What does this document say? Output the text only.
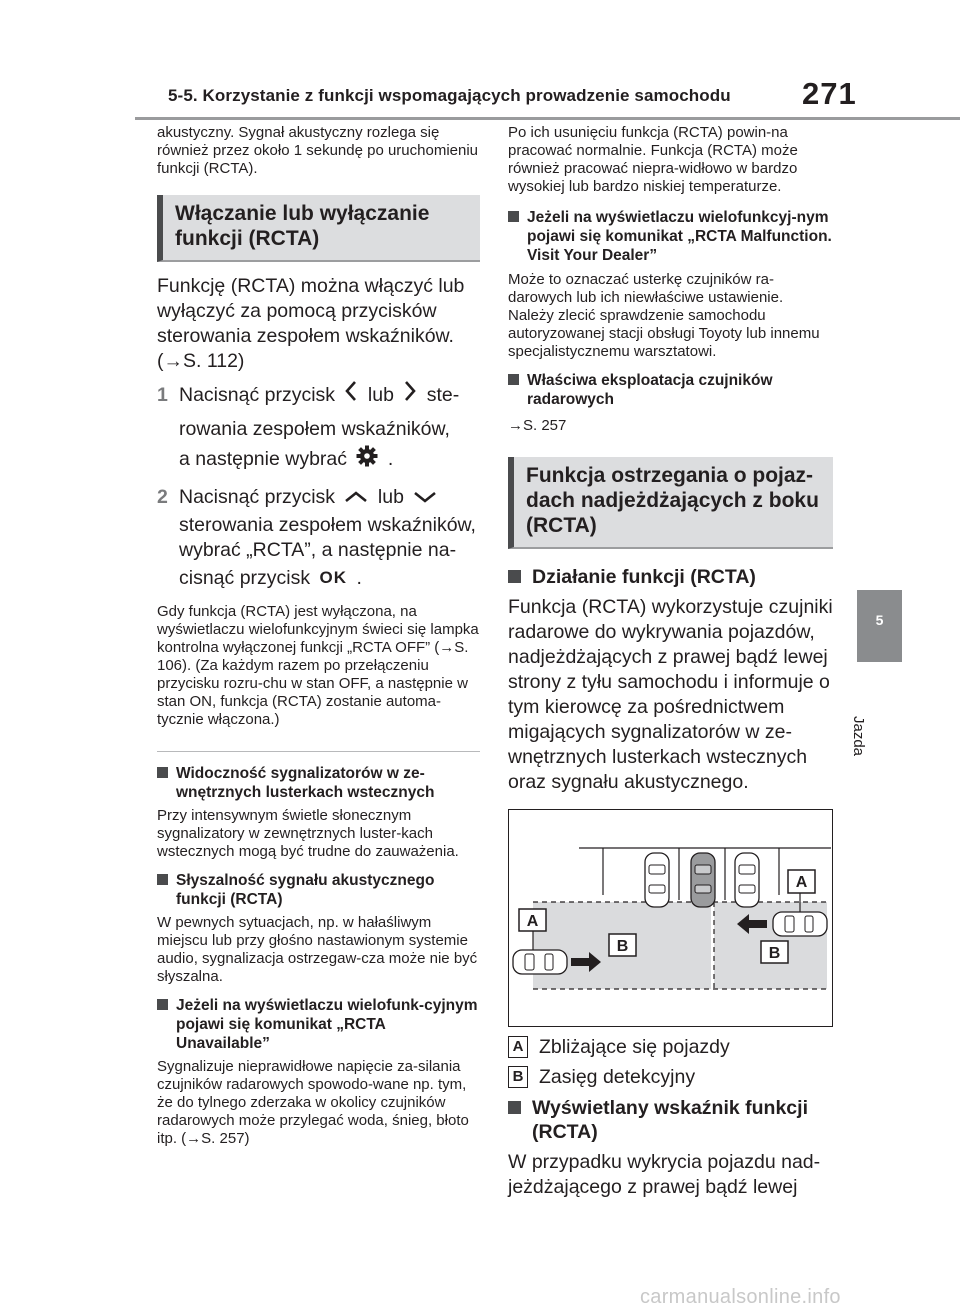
5-5. Korzystanie z funkcji wspomagających prowadzenie samochodu 271
5
Jazda

akustyczny. Sygnał akustyczny rozlega się również przez około 1 sekundę po uruchomieniu funkcji (RCTA).

Włączanie lub wyłączanie funkcji (RCTA)

Funkcję (RCTA) można włączyć lub wyłączyć za pomocą przycisków sterowania zespołem wskaźników. (→S. 112)

1 Nacisnąć przycisk lub ste-

rowania zespołem wskaźników,

a następnie wybrać .

2 Nacisnąć przycisk lub

sterowania zespołem wskaźników, wybrać „RCTA”, a następnie na-

cisnąć przycisk OK .

Gdy funkcja (RCTA) jest wyłączona, na wyświetlaczu wielofunkcyjnym świeci się lampka kontrolna wyłączonej funkcji „RCTA OFF” (→S. 106). (Za każdym razem po przełączeniu przycisku rozru-chu w stan OFF, a następnie w stan ON, funkcja (RCTA) zostanie automa-tycznie włączona.)

Widoczność sygnalizatorów w ze-wnętrznych lusterkach wstecznych

Przy intensywnym świetle słonecznym sygnalizatory w zewnętrznych luster-kach wstecznych mogą być trudne do zauważenia.

Słyszalność sygnału akustycznego funkcji (RCTA)

W pewnych sytuacjach, np. w hałaśliwym miejscu lub przy głośno nastawionym systemie audio, sygnalizacja ostrzegaw-cza może nie być słyszalna.

Jeżeli na wyświetlaczu wielofunk-cyjnym pojawi się komunikat „RCTA Unavailable”

Sygnalizuje nieprawidłowe napięcie za-silania czujników radarowych spowodo-wane np. tym, że do tylnego zderzaka w okolicy czujników radarowych może przylegać woda, śnieg, błoto itp. (→S. 257)

Po ich usunięciu funkcja (RCTA) powin-na pracować normalnie. Funkcja (RCTA) może również pracować niepra-widłowo w bardzo wysokiej lub bardzo niskiej temperaturze.

Jeżeli na wyświetlaczu wielofunkcyj-nym pojawi się komunikat „RCTA Malfunction. Visit Your Dealer”

Może to oznaczać usterkę czujników ra-darowych lub ich niewłaściwe ustawienie. Należy zlecić sprawdzenie samochodu autoryzowanej stacji obsługi Toyoty lub innemu specjalistycznemu warsztatowi.

Właściwa eksploatacja czujników radarowych

→S. 257

Funkcja ostrzegania o pojaz-dach nadjeżdżających z boku (RCTA)

Działanie funkcji (RCTA)

Funkcja (RCTA) wykorzystuje czujniki radarowe do wykrywania pojazdów, nadjeżdżających z prawej bądź lewej strony z tyłu samochodu i informuje o tym kierowcę za pośrednictwem migających sygnalizatorów w ze-wnętrznych lusterkach wstecznych oraz sygnału akustycznego.

A
A
B	B

A Zbliżające się pojazdy

B Zasięg detekcyjny

Wyświetlany wskaźnik funkcji (RCTA)

W przypadku wykrycia pojazdu nad-jeżdżającego z prawej bądź lewej

carmanualsonline.info
